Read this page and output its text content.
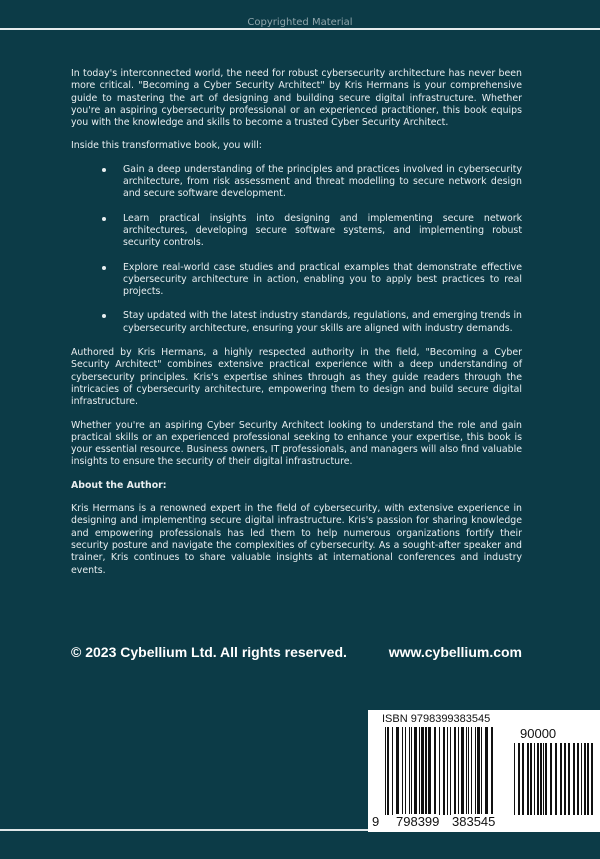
Copyrighted Material

In today's interconnected world, the need for robust cybersecurity architecture has never been more critical. "Becoming a Cyber Security Architect" by Kris Hermans is your comprehensive guide to mastering the art of designing and building secure digital infrastructure. Whether you're an aspiring cybersecurity professional or an experienced practitioner, this book equips you with the knowledge and skills to become a trusted Cyber Security Architect.

Inside this transformative book, you will:

Gain a deep understanding of the principles and practices involved in cybersecurity architecture, from risk assessment and threat modelling to secure network design and secure software development.
Learn practical insights into designing and implementing secure network architectures, developing secure software systems, and implementing robust security controls.
Explore real-world case studies and practical examples that demonstrate effective cybersecurity architecture in action, enabling you to apply best practices to real projects.
Stay updated with the latest industry standards, regulations, and emerging trends in cybersecurity architecture, ensuring your skills are aligned with industry demands.

Authored by Kris Hermans, a highly respected authority in the field, "Becoming a Cyber Security Architect" combines extensive practical experience with a deep understanding of cybersecurity principles. Kris's expertise shines through as they guide readers through the intricacies of cybersecurity architecture, empowering them to design and build secure digital infrastructure.

Whether you're an aspiring Cyber Security Architect looking to understand the role and gain practical skills or an experienced professional seeking to enhance your expertise, this book is your essential resource. Business owners, IT professionals, and managers will also find valuable insights to ensure the security of their digital infrastructure.

About the Author:

Kris Hermans is a renowned expert in the field of cybersecurity, with extensive experience in designing and implementing secure digital infrastructure. Kris's passion for sharing knowledge and empowering professionals has led them to help numerous organizations fortify their security posture and navigate the complexities of cybersecurity. As a sought-after speaker and trainer, Kris continues to share valuable insights at international conferences and industry events.

© 2023 Cybellium Ltd. All rights reserved.	www.cybellium.com
ISBN 9798399383545
90000
9 798399 383545
